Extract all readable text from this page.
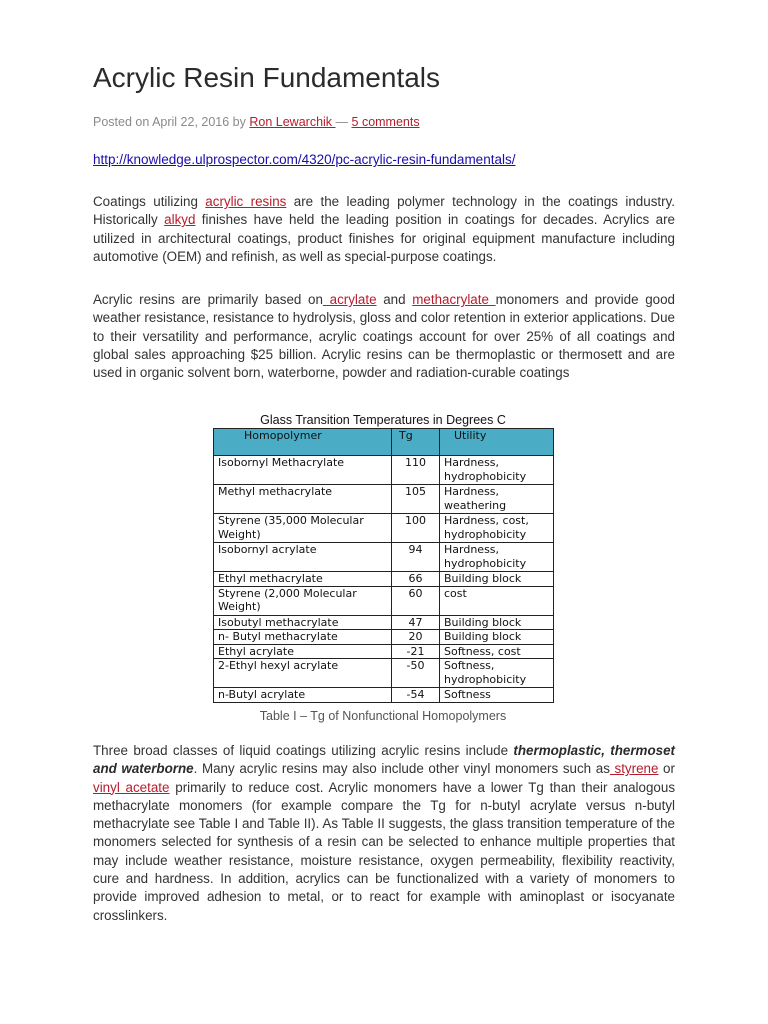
Acrylic Resin Fundamentals
Posted on April 22, 2016 by Ron Lewarchik — 5 comments
http://knowledge.ulprospector.com/4320/pc-acrylic-resin-fundamentals/

Coatings utilizing acrylic resins are the leading polymer technology in the coatings industry. Historically alkyd finishes have held the leading position in coatings for decades. Acrylics are utilized in architectural coatings, product finishes for original equipment manufacture including automotive (OEM) and refinish, as well as special-purpose coatings.

Acrylic resins are primarily based on acrylate and methacrylate monomers and provide good weather resistance, resistance to hydrolysis, gloss and color retention in exterior applications. Due to their versatility and performance, acrylic coatings account for over 25% of all coatings and global sales approaching $25 billion. Acrylic resins can be thermoplastic or thermosett and are used in organic solvent born, waterborne, powder and radiation-curable coatings

Three broad classes of liquid coatings utilizing acrylic resins include thermoplastic, thermoset and waterborne. Many acrylic resins may also include other vinyl monomers such as styrene or vinyl acetate primarily to reduce cost. Acrylic monomers have a lower Tg than their analogous methacrylate monomers (for example compare the Tg for n-butyl acrylate versus n-butyl methacrylate see Table I and Table II). As Table II suggests, the glass transition temperature of the monomers selected for synthesis of a resin can be selected to enhance multiple properties that may include weather resistance, moisture resistance, oxygen permeability, flexibility reactivity, cure and hardness. In addition, acrylics can be functionalized with a variety of monomers to provide improved adhesion to metal, or to react for example with aminoplast or isocyanate crosslinkers.

Glass Transition Temperatures in Degrees C
Homopolymer	Tg	Utility
Isobornyl Methacrylate	110	Hardness, hydrophobicity
Methyl methacrylate	105	Hardness, weathering
Styrene (35,000 Molecular Weight)	100	Hardness, cost, hydrophobicity
Isobornyl acrylate	94	Hardness, hydrophobicity
Ethyl methacrylate	66	Building block
Styrene (2,000 Molecular Weight)	60	cost
Isobutyl methacrylate	47	Building block
n- Butyl methacrylate	20	Building block
Ethyl acrylate	-21	Softness, cost
2-Ethyl hexyl acrylate	-50	Softness, hydrophobicity
n-Butyl acrylate	-54	Softness
Table I – Tg of Nonfunctional Homopolymers
